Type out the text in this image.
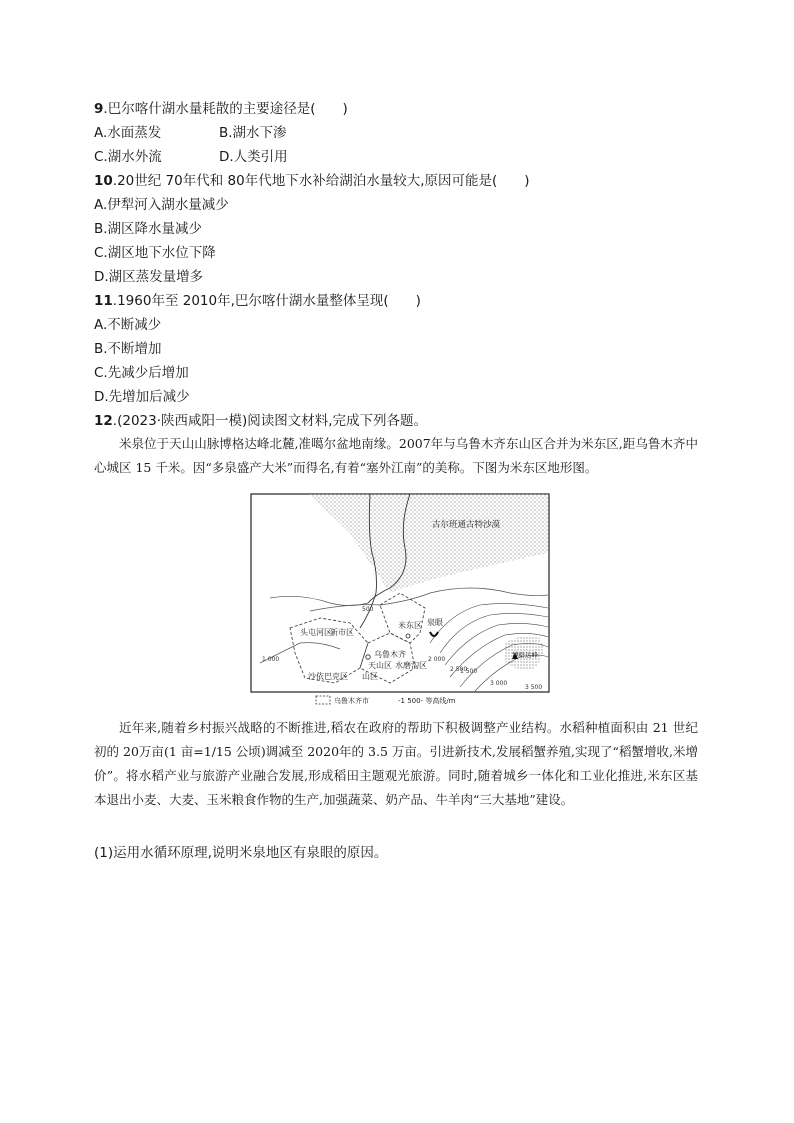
9.巴尔喀什湖水量耗散的主要途径是(　　)
A.水面蒸发	B.湖水下渗
C.湖水外流	D.人类引用
10.20世纪 70年代和 80年代地下水补给湖泊水量较大,原因可能是(　　)
A.伊犁河入湖水量减少
B.湖区降水量减少
C.湖区地下水位下降
D.湖区蒸发量增多
11.1960年至 2010年,巴尔喀什湖水量整体呈现(　　)
A.不断减少
B.不断增加
C.先减少后增加
D.先增加后减少
12.(2023·陕西咸阳一模)阅读图文材料,完成下列各题。
米泉位于天山山脉博格达峰北麓,准噶尔盆地南缘。2007年与乌鲁木齐东山区合并为米东区,距乌鲁木齐中心城区 15 千米。因“多泉盛产大米”而得名,有着“塞外江南”的美称。下图为米东区地形图。
古尔班通古特沙漠
500
1 000
1 500
2 000
2 500
3 000
3 500
米东区 泉眼
头屯河区
新市区
乌鲁木齐
天山区 水磨沟区
沙依巴克区 山区
博格达峰
乌鲁木齐市	-1 500- 等高线/m
近年来,随着乡村振兴战略的不断推进,稻农在政府的帮助下积极调整产业结构。水稻种植面积由 21 世纪初的 20万亩(1 亩=1/15 公顷)调减至 2020年的 3.5 万亩。引进新技术,发展稻蟹养殖,实现了“稻蟹增收,米增价”。将水稻产业与旅游产业融合发展,形成稻田主题观光旅游。同时,随着城乡一体化和工业化推进,米东区基本退出小麦、大麦、玉米粮食作物的生产,加强蔬菜、奶产品、牛羊肉“三大基地”建设。
(1)运用水循环原理,说明米泉地区有泉眼的原因。
